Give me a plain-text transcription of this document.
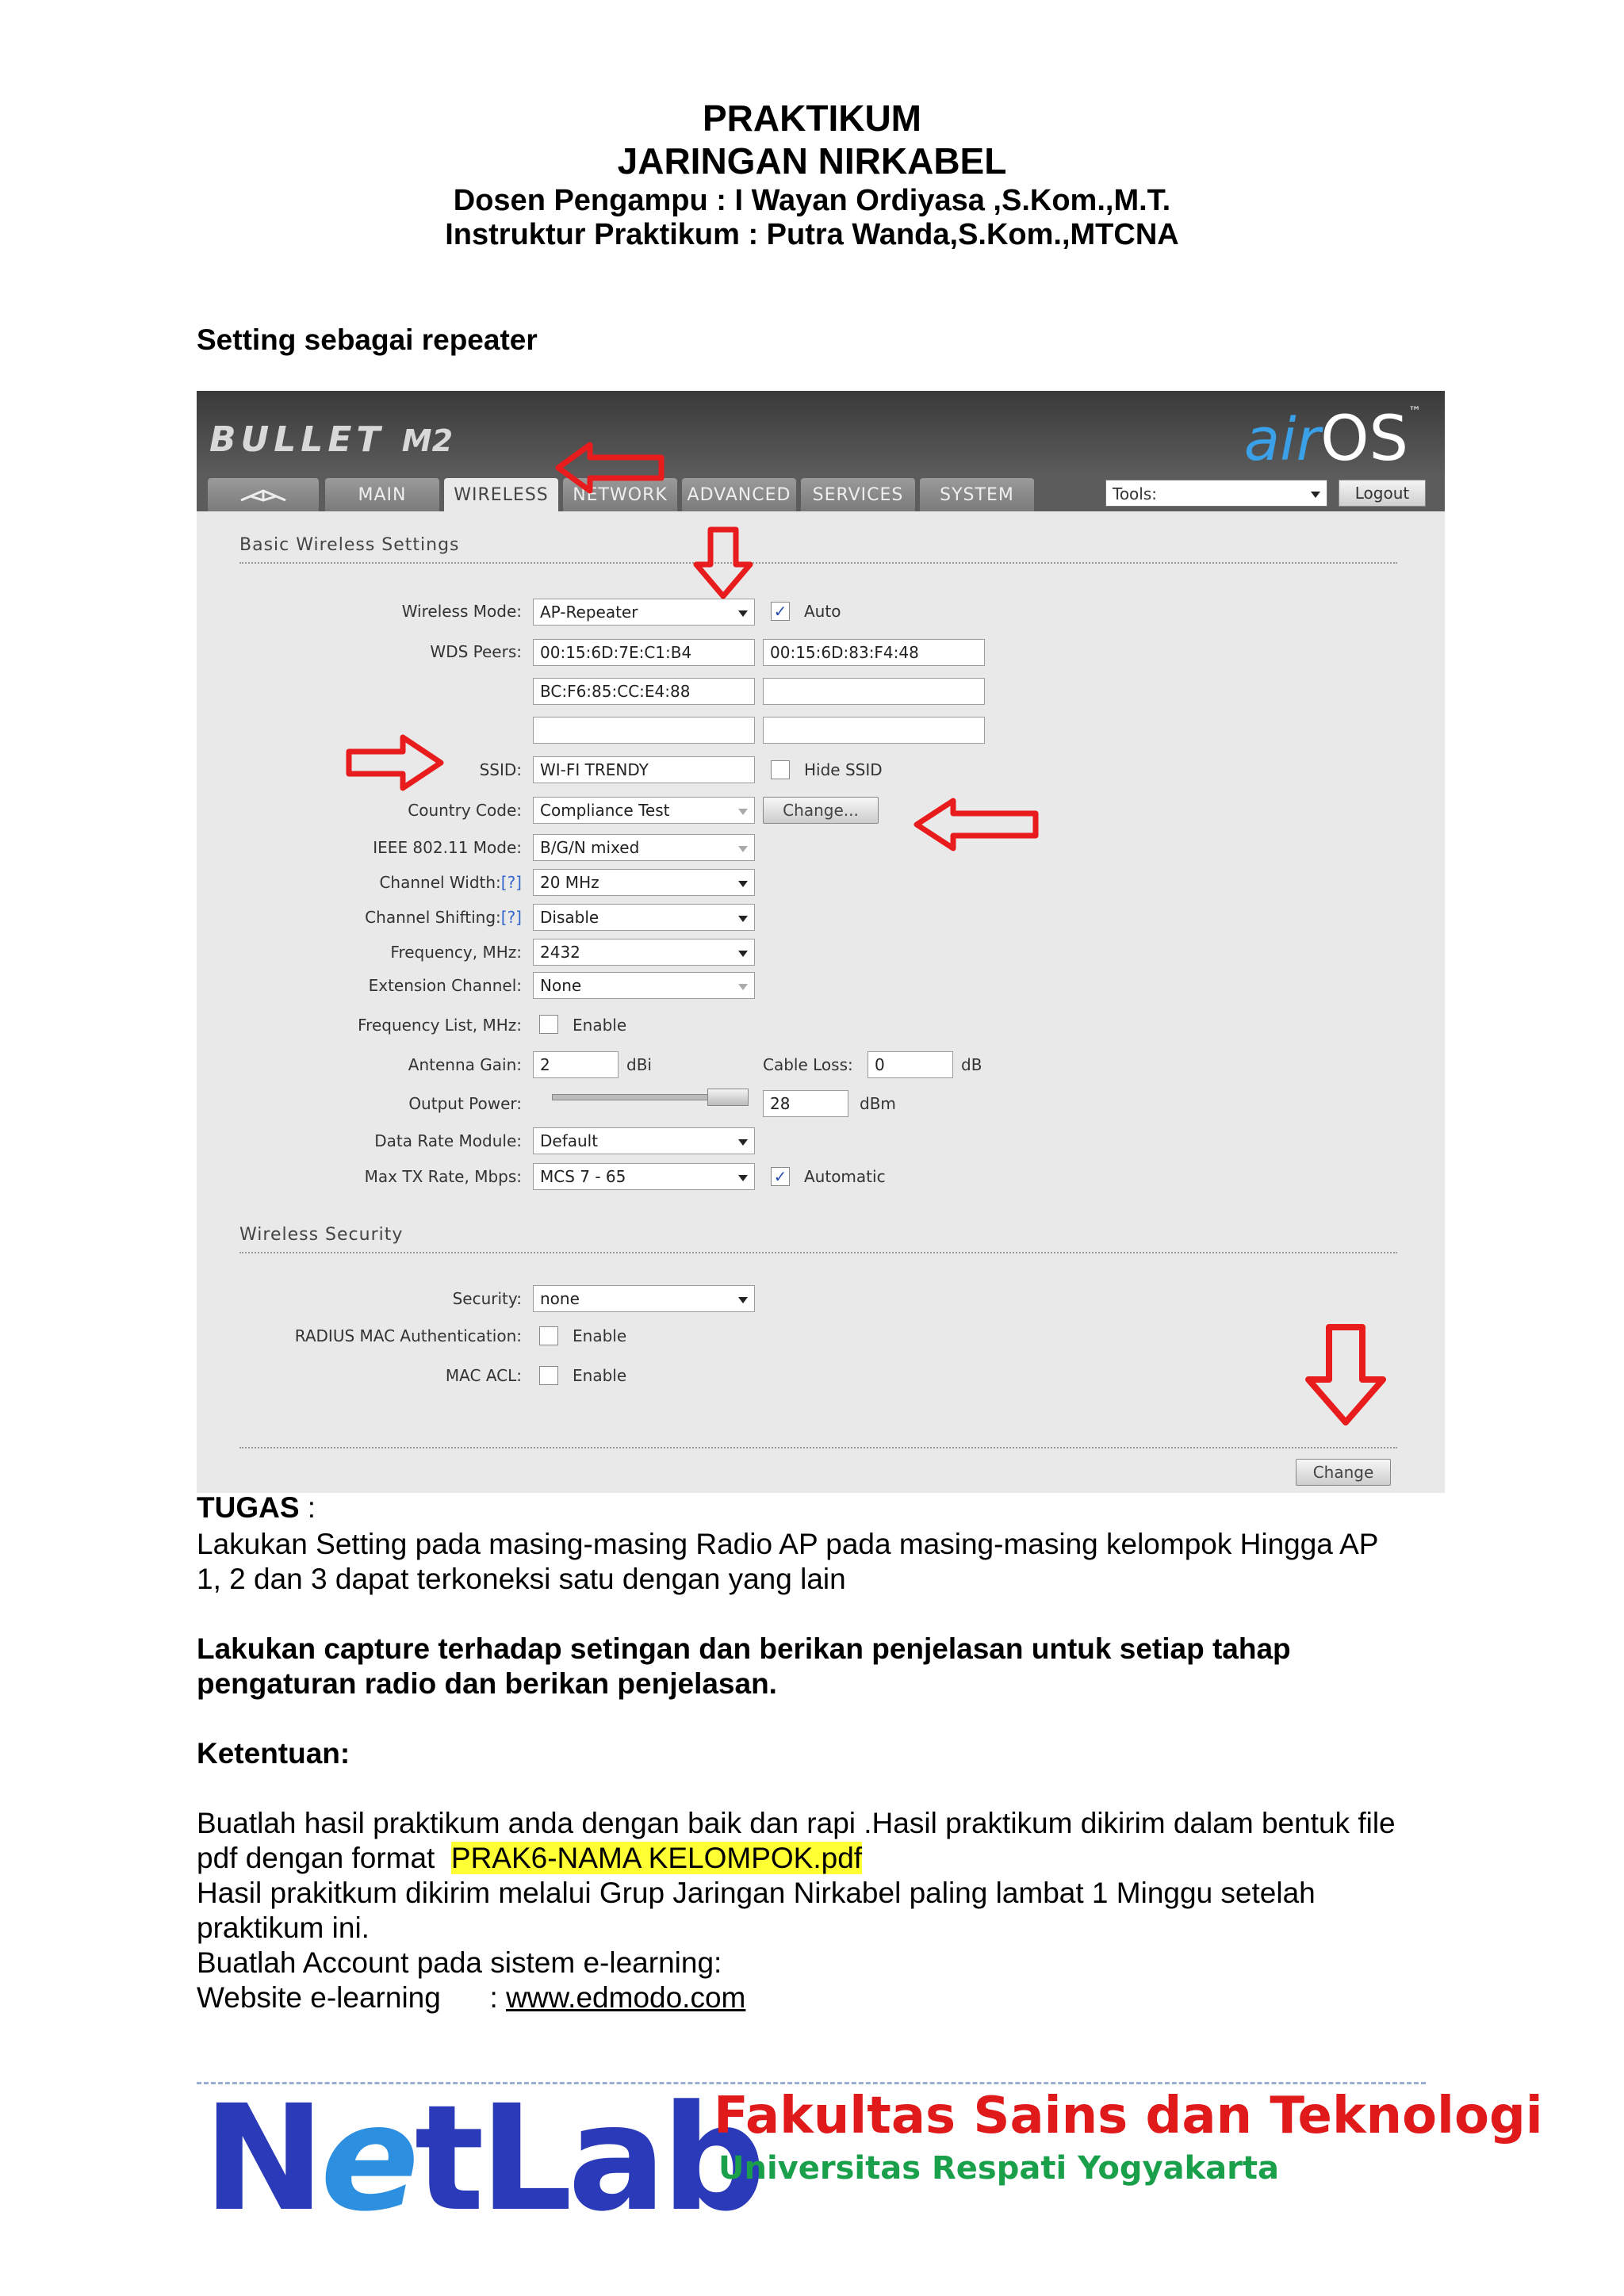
PRAKTIKUM
JARINGAN NIRKABEL
Dosen Pengampu : I Wayan Ordiyasa ,S.Kom.,M.T.
Instruktur Praktikum : Putra Wanda,S.Kom.,MTCNA
Setting sebagai repeater
BULLET M2	airOS™
MAIN	WIRELESS	NETWORK	ADVANCED	SERVICES	SYSTEM	Tools:	Logout
Basic Wireless Settings
Wireless Mode:	AP-Repeater	✓ Auto
WDS Peers:	00:15:6D:7E:C1:B4	00:15:6D:83:F4:48
BC:F6:85:CC:E4:88
SSID:	WI-FI TRENDY	Hide SSID
Country Code:	Compliance Test	Change...
IEEE 802.11 Mode:	B/G/N mixed
Channel Width:[?]	20 MHz
Channel Shifting:[?]	Disable
Frequency, MHz:	2432
Extension Channel:	None
Frequency List, MHz:	Enable
Antenna Gain:	2	dBi	Cable Loss:	0	dB
Output Power:	28	dBm
Data Rate Module:	Default
Max TX Rate, Mbps:	MCS 7 - 65	✓ Automatic
Wireless Security
Security:	none
RADIUS MAC Authentication:	Enable
MAC ACL:	Enable
Change
TUGAS :
Lakukan Setting pada masing-masing Radio AP pada masing-masing kelompok Hingga AP
1, 2 dan 3 dapat terkoneksi satu dengan yang lain
Lakukan capture terhadap setingan dan berikan penjelasan untuk setiap tahap
pengaturan radio dan berikan penjelasan.
Ketentuan:
Buatlah hasil praktikum anda dengan baik dan rapi .Hasil praktikum dikirim dalam bentuk file
pdf dengan format  PRAK6-NAMA KELOMPOK.pdf
Hasil prakitkum dikirim melalui Grup Jaringan Nirkabel paling lambat 1 Minggu setelah
praktikum ini.
Buatlah Account pada sistem e-learning:
Website e-learning      : www.edmodo.com
NetLab
Fakultas Sains dan Teknologi
Universitas Respati Yogyakarta
